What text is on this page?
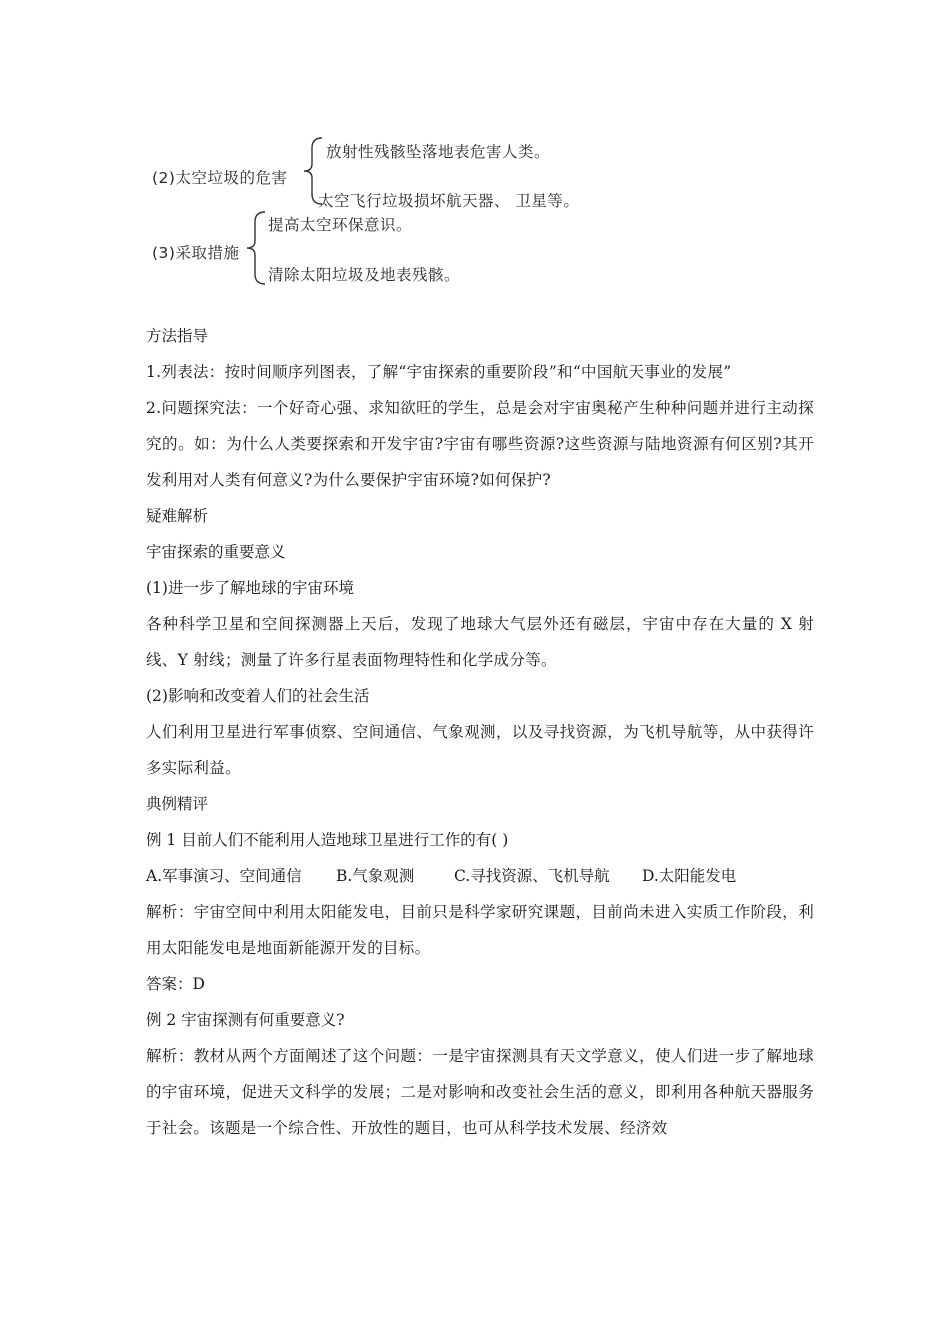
(2)太空垃圾的危害
放射性残骸坠落地表危害人类。
太空飞行垃圾损坏航天器、 卫星等。
(3)采取措施
提高太空环保意识。
清除太阳垃圾及地表残骸。

方法指导

1.列表法：按时间顺序列图表，了解“宇宙探索的重要阶段”和“中国航天事业的发展”

2.问题探究法：一个好奇心强、求知欲旺的学生，总是会对宇宙奥秘产生种种问题并进行主动探究的。如：为什么人类要探索和开发宇宙?宇宙有哪些资源?这些资源与陆地资源有何区别?其开发利用对人类有何意义?为什么要保护宇宙环境?如何保护?

疑难解析

宇宙探索的重要意义

(1)进一步了解地球的宇宙环境

各种科学卫星和空间探测器上天后，发现了地球大气层外还有磁层，宇宙中存在大量的 X 射线、Y 射线；测量了许多行星表面物理特性和化学成分等。

(2)影响和改变着人们的社会生活

人们利用卫星进行军事侦察、空间通信、气象观测，以及寻找资源，为飞机导航等，从中获得许多实际利益。

典例精评

例 1 目前人们不能利用人造地球卫星进行工作的有( )

A.军事演习、空间通信	B.气象观测	C.寻找资源、飞机导航	D.太阳能发电

解析：宇宙空间中利用太阳能发电，目前只是科学家研究课题，目前尚未进入实质工作阶段，利用太阳能发电是地面新能源开发的目标。

答案：D

例 2 宇宙探测有何重要意义?

解析：教材从两个方面阐述了这个问题：一是宇宙探测具有天文学意义，使人们进一步了解地球的宇宙环境，促进天文科学的发展；二是对影响和改变社会生活的意义，即利用各种航天器服务于社会。该题是一个综合性、开放性的题目，也可从科学技术发展、经济效
